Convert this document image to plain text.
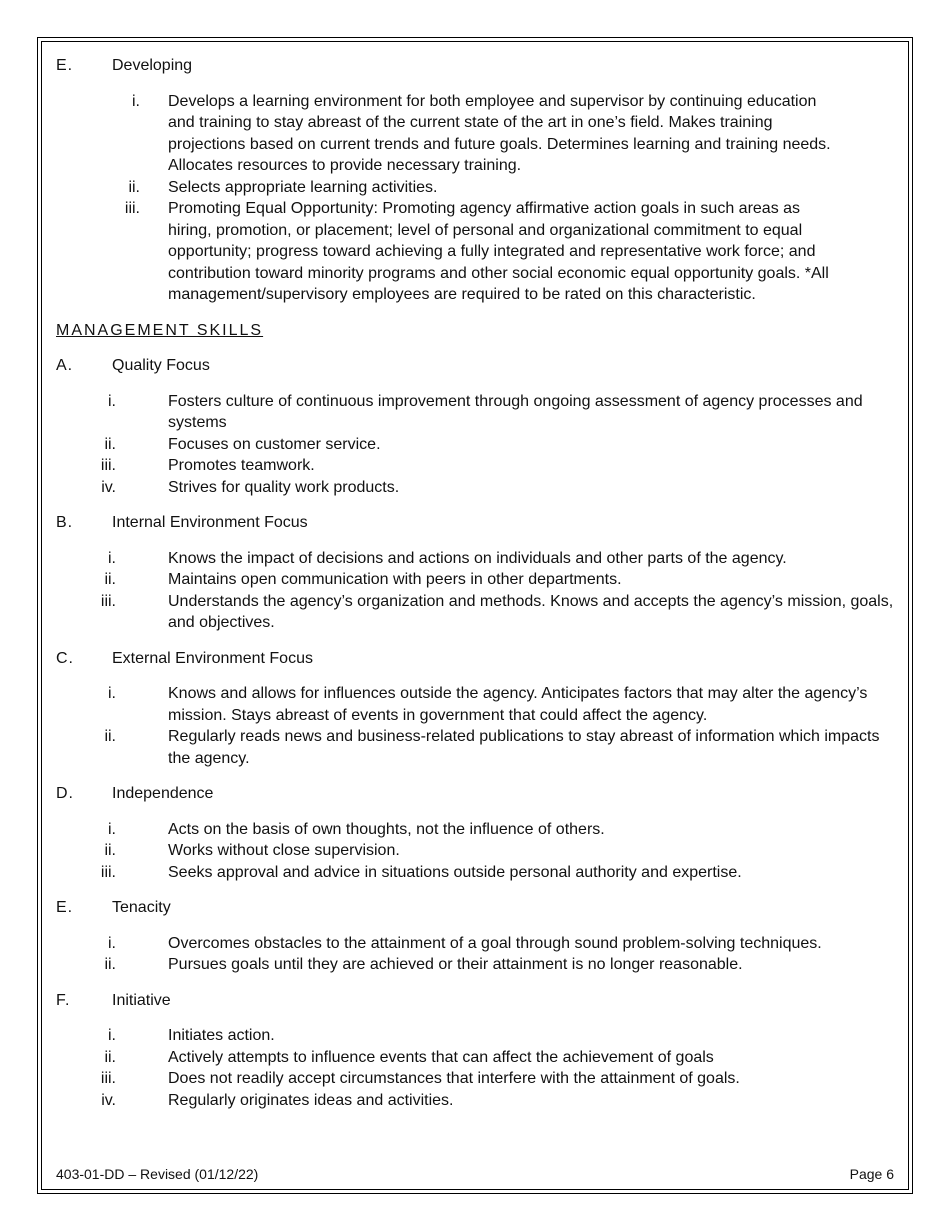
E.	Developing
i.	Develops a learning environment for both employee and supervisor by continuing education and training to stay abreast of the current state of the art in one’s field. Makes training projections based on current trends and future goals. Determines learning and training needs. Allocates resources to provide necessary training.
ii.	Selects appropriate learning activities.
iii.	Promoting Equal Opportunity: Promoting agency affirmative action goals in such areas as hiring, promotion, or placement; level of personal and organizational commitment to equal opportunity; progress toward achieving a fully integrated and representative work force; and contribution toward minority programs and other social economic equal opportunity goals. *All management/supervisory employees are required to be rated on this characteristic.
MANAGEMENT SKILLS
A.	Quality Focus
i.	Fosters culture of continuous improvement through ongoing assessment of agency processes and systems
ii.	Focuses on customer service.
iii.	Promotes teamwork.
iv.	Strives for quality work products.
B.	Internal Environment Focus
i.	Knows the impact of decisions and actions on individuals and other parts of the agency.
ii.	Maintains open communication with peers in other departments.
iii.	Understands the agency’s organization and methods. Knows and accepts the agency’s mission, goals, and objectives.
C.	External Environment Focus
i.	Knows and allows for influences outside the agency. Anticipates factors that may alter the agency’s mission. Stays abreast of events in government that could affect the agency.
ii.	Regularly reads news and business-related publications to stay abreast of information which impacts the agency.
D.	Independence
i.	Acts on the basis of own thoughts, not the influence of others.
ii.	Works without close supervision.
iii.	Seeks approval and advice in situations outside personal authority and expertise.
E.	Tenacity
i.	Overcomes obstacles to the attainment of a goal through sound problem-solving techniques.
ii.	Pursues goals until they are achieved or their attainment is no longer reasonable.
F.	Initiative
i.	Initiates action.
ii.	Actively attempts to influence events that can affect the achievement of goals
iii.	Does not readily accept circumstances that interfere with the attainment of goals.
iv.	Regularly originates ideas and activities.
403-01-DD – Revised (01/12/22)	Page 6
